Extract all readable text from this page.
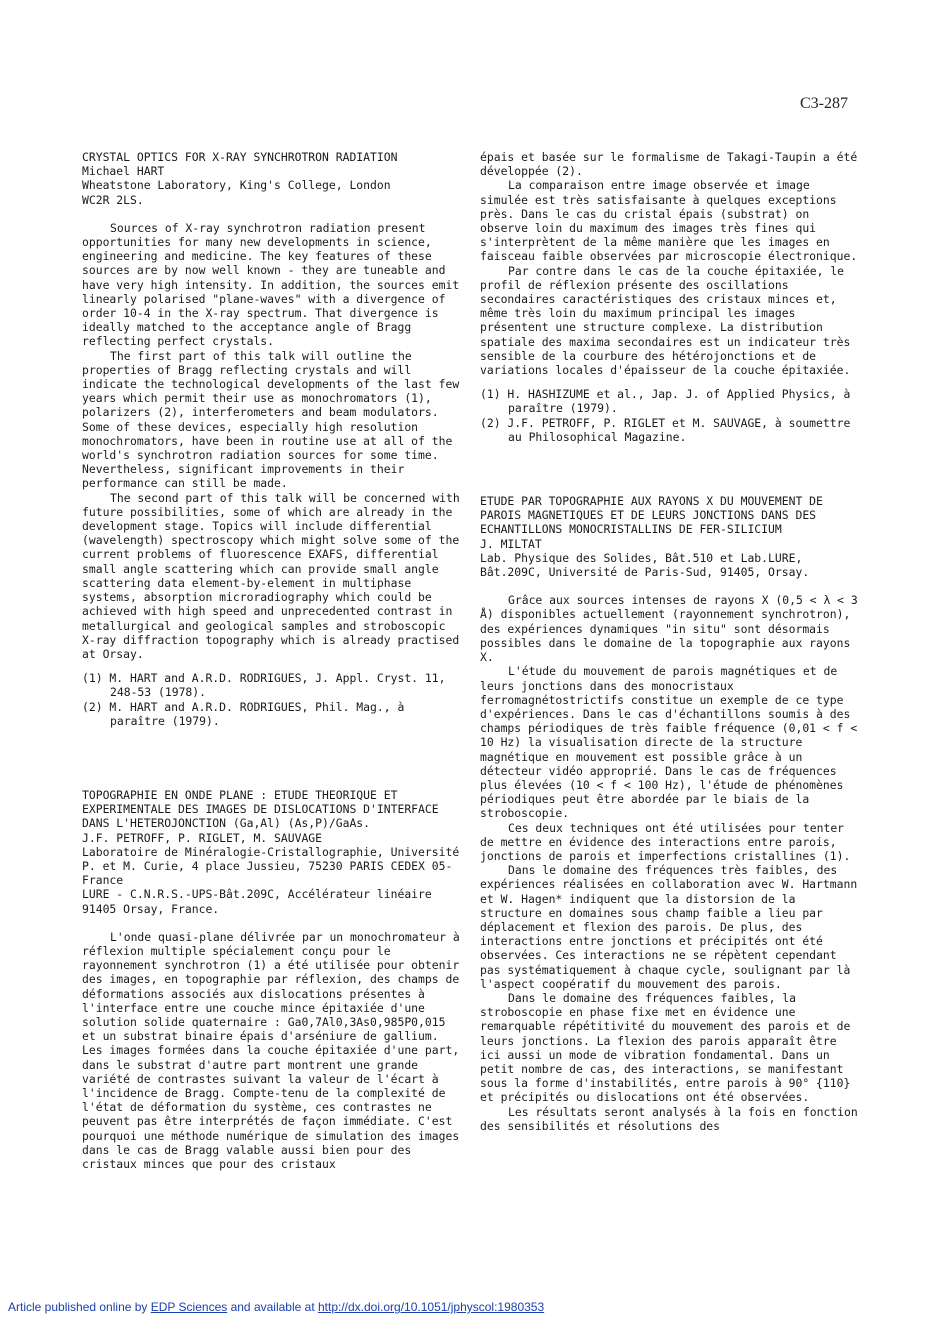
C3-287

CRYSTAL OPTICS FOR X-RAY SYNCHROTRON RADIATION

Michael HART

Wheatstone Laboratory, King's College, London

WC2R 2LS.

Sources of X-ray synchrotron radiation present opportunities for many new developments in science, engineering and medicine. The key features of these sources are by now well known - they are tuneable and have very high intensity. In addition, the sources emit linearly polarised "plane-waves" with a divergence of order 10-4 in the X-ray spectrum. That divergence is ideally matched to the acceptance angle of Bragg reflecting perfect crystals.

The first part of this talk will outline the properties of Bragg reflecting crystals and will indicate the technological developments of the last few years which permit their use as monochromators (1), polarizers (2), interferometers and beam modulators. Some of these devices, especially high resolution monochromators, have been in routine use at all of the world's synchrotron radiation sources for some time. Nevertheless, significant improvements in their performance can still be made.

The second part of this talk will be concerned with future possibilities, some of which are already in the development stage. Topics will include differential (wavelength) spectroscopy which might solve some of the current problems of fluorescence EXAFS, differential small angle scattering which can provide small angle scattering data element-by-element in multiphase systems, absorption microradiography which could be achieved with high speed and unprecedented contrast in metallurgical and geological samples and stroboscopic X-ray diffraction topography which is already practised at Orsay.

(1) M. HART and A.R.D. RODRIGUES, J. Appl. Cryst. 11, 248-53 (1978).

(2) M. HART and A.R.D. RODRIGUES, Phil. Mag., à paraître (1979).

TOPOGRAPHIE EN ONDE PLANE : ETUDE THEORIQUE ET EXPERIMENTALE DES IMAGES DE DISLOCATIONS D'INTERFACE DANS L'HETEROJONCTION (Ga,Al) (As,P)/GaAs.

J.F. PETROFF, P. RIGLET, M. SAUVAGE

Laboratoire de Minéralogie-Cristallographie, Université P. et M. Curie, 4 place Jussieu, 75230 PARIS CEDEX 05-France

LURE - C.N.R.S.-UPS-Bât.209C, Accélérateur linéaire 91405 Orsay, France.

L'onde quasi-plane délivrée par un monochromateur à réflexion multiple spécialement conçu pour le rayonnement synchrotron (1) a été utilisée pour obtenir des images, en topographie par réflexion, des champs de déformations associés aux dislocations présentes à l'interface entre une couche mince épitaxiée d'une solution solide quaternaire : Ga0,7Al0,3As0,985P0,015 et un substrat binaire épais d'arséniure de gallium. Les images formées dans la couche épitaxiée d'une part, dans le substrat d'autre part montrent une grande variété de contrastes suivant la valeur de l'écart à l'incidence de Bragg. Compte-tenu de la complexité de l'état de déformation du système, ces contrastes ne peuvent pas être interprétés de façon immédiate. C'est pourquoi une méthode numérique de simulation des images dans le cas de Bragg valable aussi bien pour des cristaux minces que pour des cristaux

épais et basée sur le formalisme de Takagi-Taupin a été développée (2).

La comparaison entre image observée et image simulée est très satisfaisante à quelques exceptions près. Dans le cas du cristal épais (substrat) on observe loin du maximum des images très fines qui s'interprètent de la même manière que les images en faisceau faible observées par microscopie électronique.

Par contre dans le cas de la couche épitaxiée, le profil de réflexion présente des oscillations secondaires caractéristiques des cristaux minces et, même très loin du maximum principal les images présentent une structure complexe. La distribution spatiale des maxima secondaires est un indicateur très sensible de la courbure des hétérojonctions et de variations locales d'épaisseur de la couche épitaxiée.

(1) H. HASHIZUME et al., Jap. J. of Applied Physics, à paraître (1979).

(2) J.F. PETROFF, P. RIGLET et M. SAUVAGE, à soumettre au Philosophical Magazine.

ETUDE PAR TOPOGRAPHIE AUX RAYONS X DU MOUVEMENT DE PAROIS MAGNETIQUES ET DE LEURS JONCTIONS DANS DES ECHANTILLONS MONOCRISTALLINS DE FER-SILICIUM

J. MILTAT

Lab. Physique des Solides, Bât.510 et Lab.LURE, Bât.209C, Université de Paris-Sud, 91405, Orsay.

Grâce aux sources intenses de rayons X (0,5 < λ < 3 Å) disponibles actuellement (rayonnement synchrotron), des expériences dynamiques "in situ" sont désormais possibles dans le domaine de la topographie aux rayons X.

L'étude du mouvement de parois magnétiques et de leurs jonctions dans des monocristaux ferromagnétostrictifs constitue un exemple de ce type d'expériences. Dans le cas d'échantillons soumis à des champs périodiques de très faible fréquence (0,01 < f < 10 Hz) la visualisation directe de la structure magnétique en mouvement est possible grâce à un détecteur vidéo approprié. Dans le cas de fréquences plus élevées (10 < f < 100 Hz), l'étude de phénomènes périodiques peut être abordée par le biais de la stroboscopie.

Ces deux techniques ont été utilisées pour tenter de mettre en évidence des interactions entre parois, jonctions de parois et imperfections cristallines (1).

Dans le domaine des fréquences très faibles, des expériences réalisées en collaboration avec W. Hartmann et W. Hagen* indiquent que la distorsion de la structure en domaines sous champ faible a lieu par déplacement et flexion des parois. De plus, des interactions entre jonctions et précipités ont été observées. Ces interactions ne se répètent cependant pas systématiquement à chaque cycle, soulignant par là l'aspect coopératif du mouvement des parois.

Dans le domaine des fréquences faibles, la stroboscopie en phase fixe met en évidence une remarquable répétitivité du mouvement des parois et de leurs jonctions. La flexion des parois apparaît être ici aussi un mode de vibration fondamental. Dans un petit nombre de cas, des interactions, se manifestant sous la forme d'instabilités, entre parois à 90° {110} et précipités ou dislocations ont été observées.

Les résultats seront analysés à la fois en fonction des sensibilités et résolutions des

Article published online by EDP Sciences and available at http://dx.doi.org/10.1051/jphyscol:1980353
